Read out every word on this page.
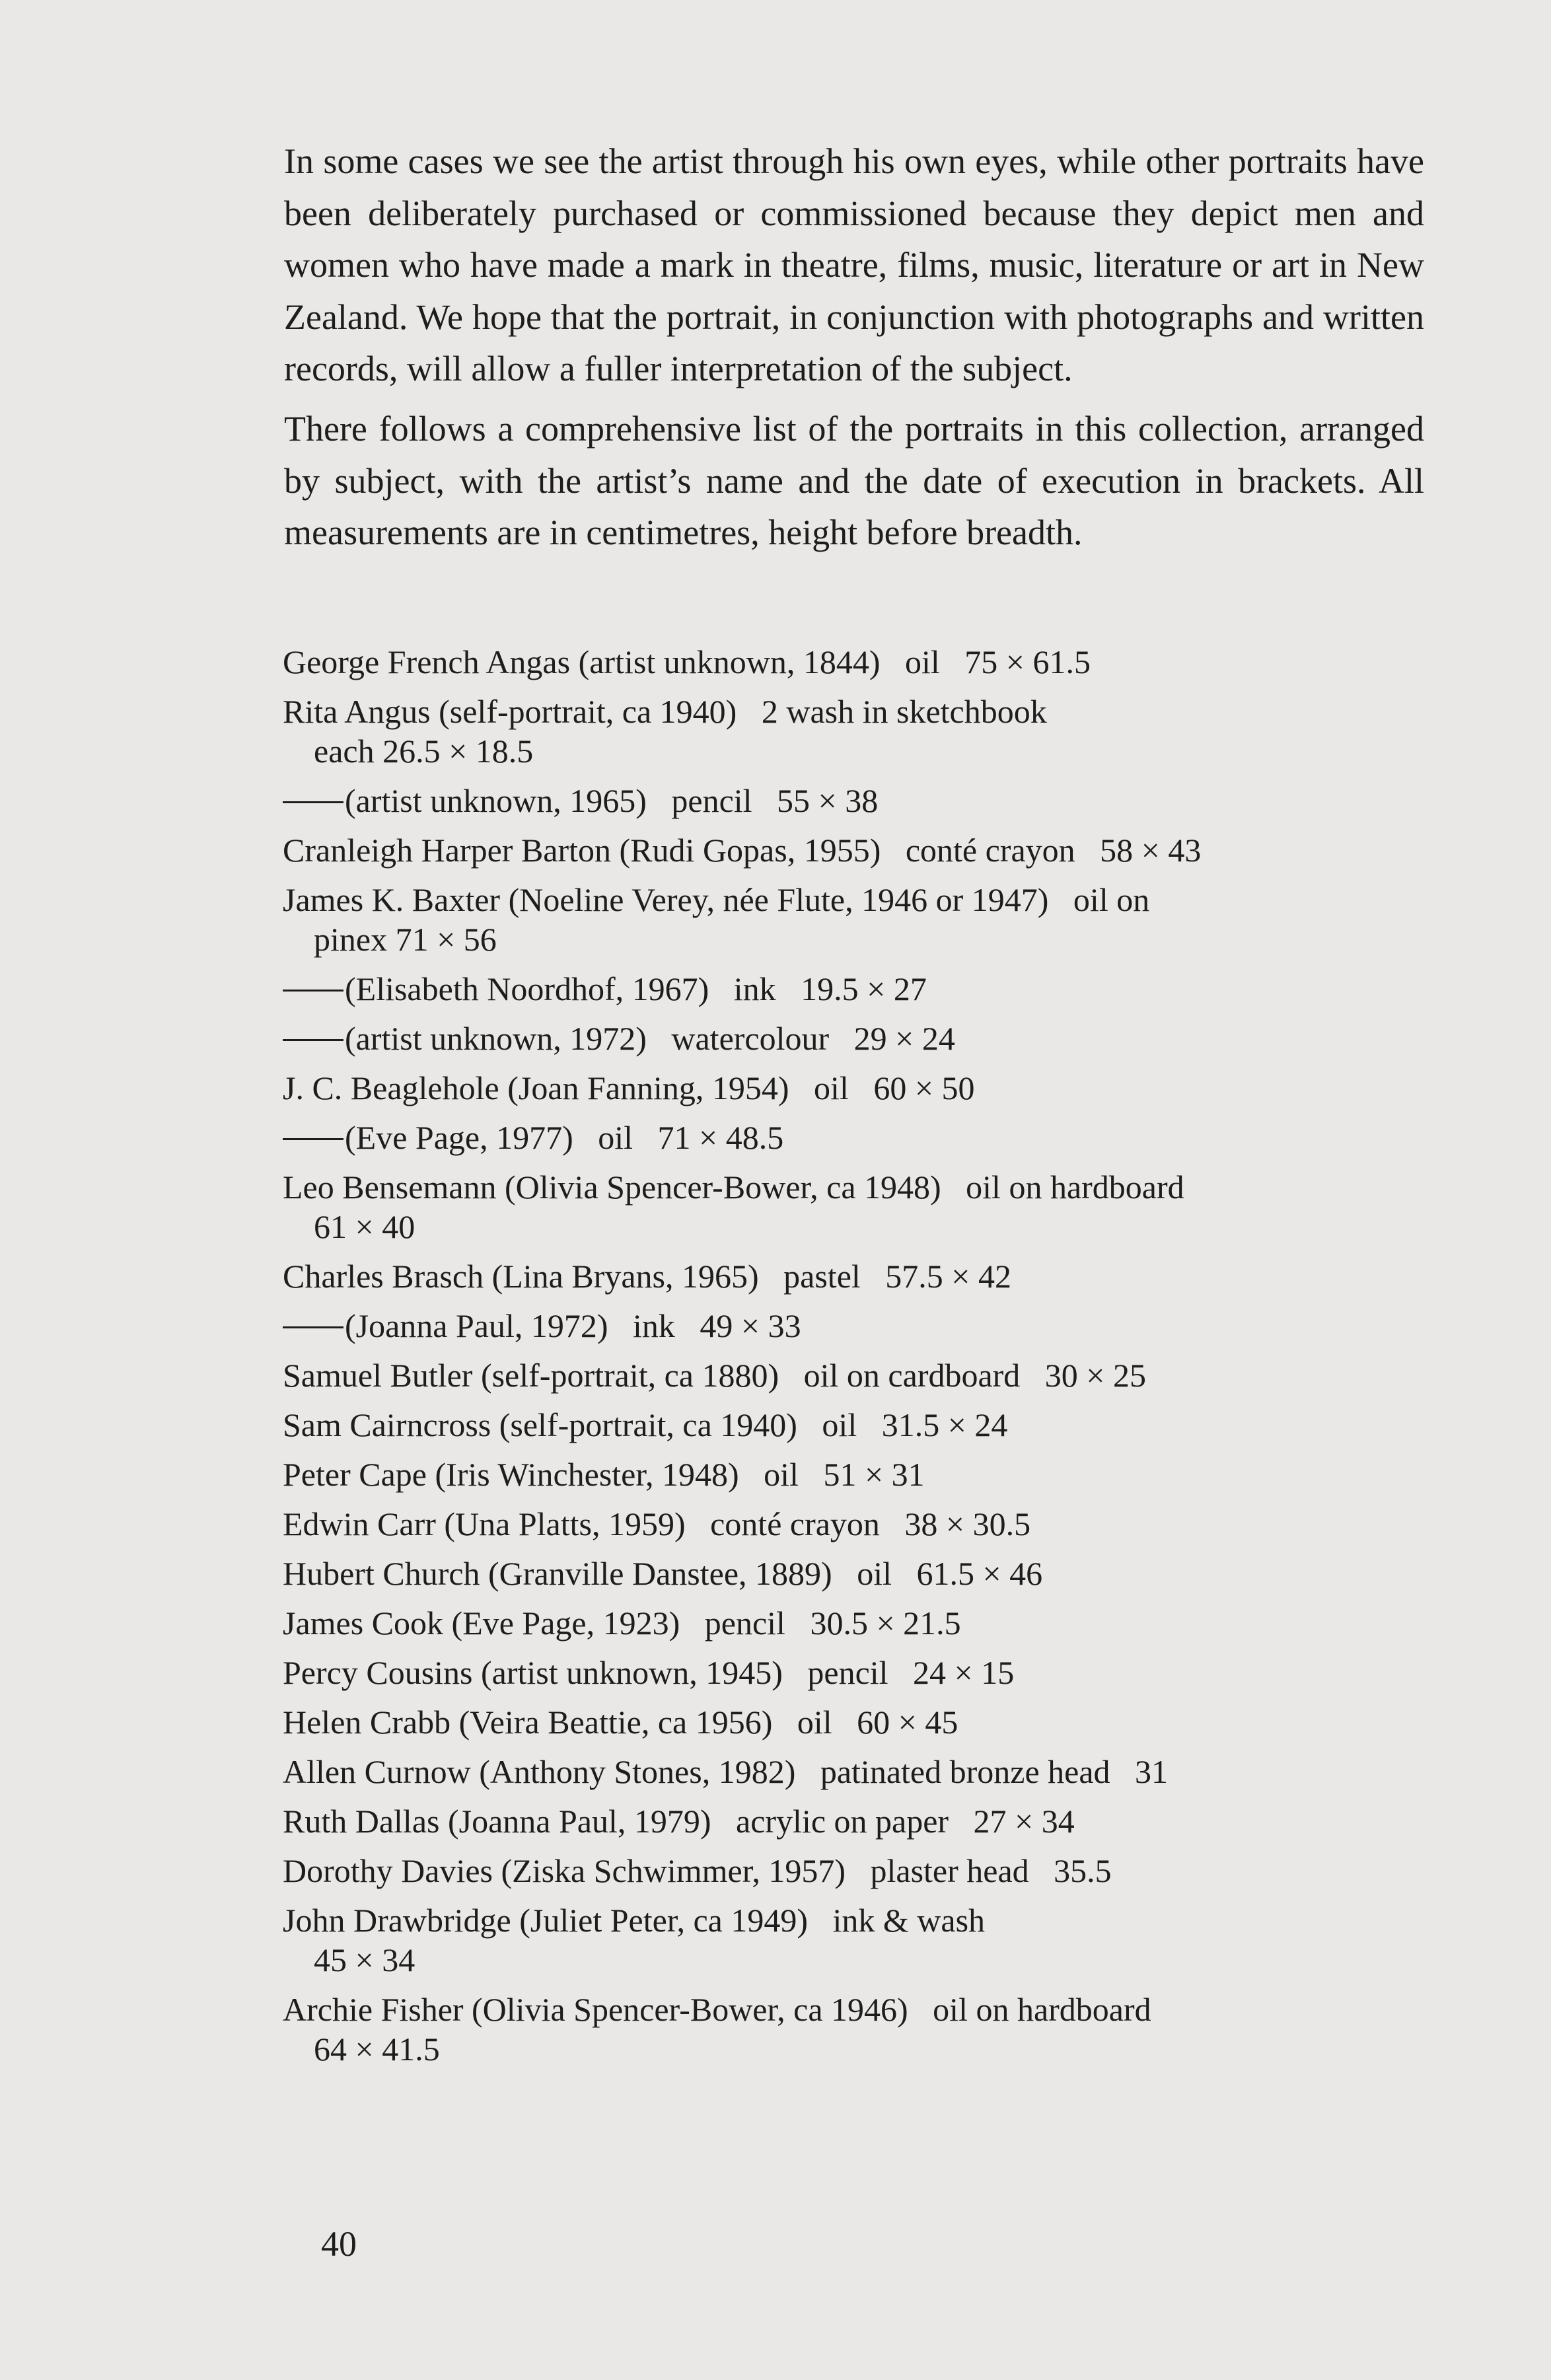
In some cases we see the artist through his own eyes, while other portraits have been deliberately purchased or commissioned because they depict men and women who have made a mark in theatre, films, music, literature or art in New Zealand. We hope that the portrait, in conjunction with photographs and written records, will allow a fuller interpretation of the subject.

There follows a comprehensive list of the portraits in this collection, arranged by subject, with the artist’s name and the date of execution in brackets. All measurements are in centimetres, height before breadth.

George French Angas (artist unknown, 1844)   oil   75 × 61.5
Rita Angus (self-portrait, ca 1940)   2 wash in sketchbook
each 26.5 × 18.5
(artist unknown, 1965)   pencil   55 × 38
Cranleigh Harper Barton (Rudi Gopas, 1955)   conté crayon   58 × 43
James K. Baxter (Noeline Verey, née Flute, 1946 or 1947)   oil on
pinex 71 × 56
(Elisabeth Noordhof, 1967)   ink   19.5 × 27
(artist unknown, 1972)   watercolour   29 × 24
J. C. Beaglehole (Joan Fanning, 1954)   oil   60 × 50
(Eve Page, 1977)   oil   71 × 48.5
Leo Bensemann (Olivia Spencer-Bower, ca 1948)   oil on hardboard
61 × 40
Charles Brasch (Lina Bryans, 1965)   pastel   57.5 × 42
(Joanna Paul, 1972)   ink   49 × 33
Samuel Butler (self-portrait, ca 1880)   oil on cardboard   30 × 25
Sam Cairncross (self-portrait, ca 1940)   oil   31.5 × 24
Peter Cape (Iris Winchester, 1948)   oil   51 × 31
Edwin Carr (Una Platts, 1959)   conté crayon   38 × 30.5
Hubert Church (Granville Danstee, 1889)   oil   61.5 × 46
James Cook (Eve Page, 1923)   pencil   30.5 × 21.5
Percy Cousins (artist unknown, 1945)   pencil   24 × 15
Helen Crabb (Veira Beattie, ca 1956)   oil   60 × 45
Allen Curnow (Anthony Stones, 1982)   patinated bronze head   31
Ruth Dallas (Joanna Paul, 1979)   acrylic on paper   27 × 34
Dorothy Davies (Ziska Schwimmer, 1957)   plaster head   35.5
John Drawbridge (Juliet Peter, ca 1949)   ink & wash
45 × 34
Archie Fisher (Olivia Spencer-Bower, ca 1946)   oil on hardboard
64 × 41.5

40
